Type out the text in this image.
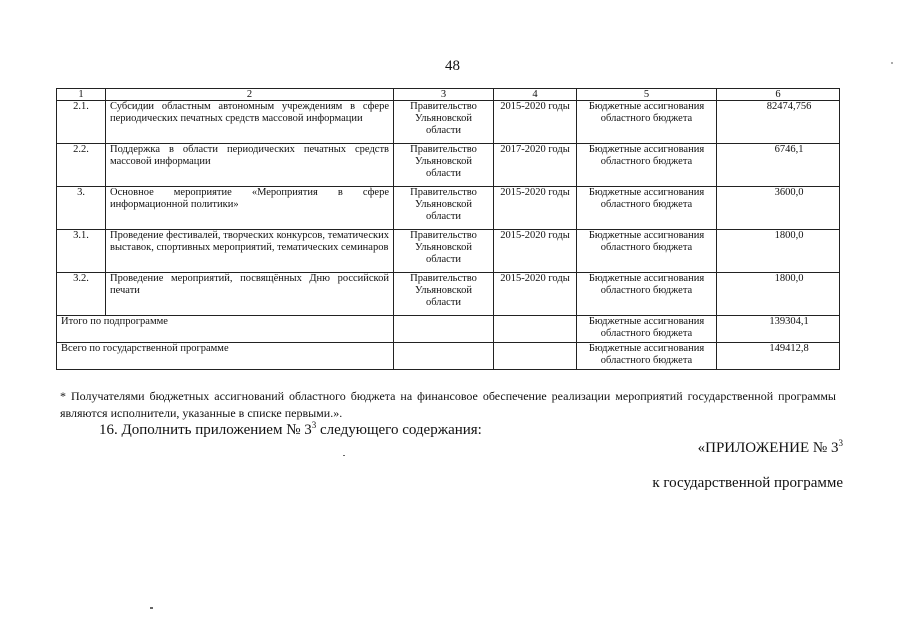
48
1	2	3	4	5	6
2.1.	Субсидии областным автономным учреждениям в сфере периодических печатных средств массовой информации	Правительство Ульяновской области	2015-2020 годы	Бюджетные ассигнования областного бюджета	82474,756
2.2.	Поддержка в области периодических печатных средств массовой информации	Правительство Ульяновской области	2017-2020 годы	Бюджетные ассигнования областного бюджета	6746,1
3.	Основное мероприятие «Мероприятия в сфере информационной политики»	Правительство Ульяновской области	2015-2020 годы	Бюджетные ассигнования областного бюджета	3600,0
3.1.	Проведение фестивалей, творческих конкурсов, тематических выставок, спортивных мероприятий, тематических семинаров	Правительство Ульяновской области	2015-2020 годы	Бюджетные ассигнования областного бюджета	1800,0
3.2.	Проведение мероприятий, посвящённых Дню российской печати	Правительство Ульяновской области	2015-2020 годы	Бюджетные ассигнования областного бюджета	1800,0
Итого по подпрограмме				Бюджетные ассигнования областного бюджета	139304,1
Всего по государственной программе				Бюджетные ассигнования областного бюджета	149412,8
* Получателями бюджетных ассигнований областного бюджета на финансовое обеспечение реализации мероприятий государственной программы являются исполнители, указанные в списке первыми.».
16. Дополнить приложением № $3^3$ следующего содержания:
«ПРИЛОЖЕНИЕ № $3^3$
к государственной программе
